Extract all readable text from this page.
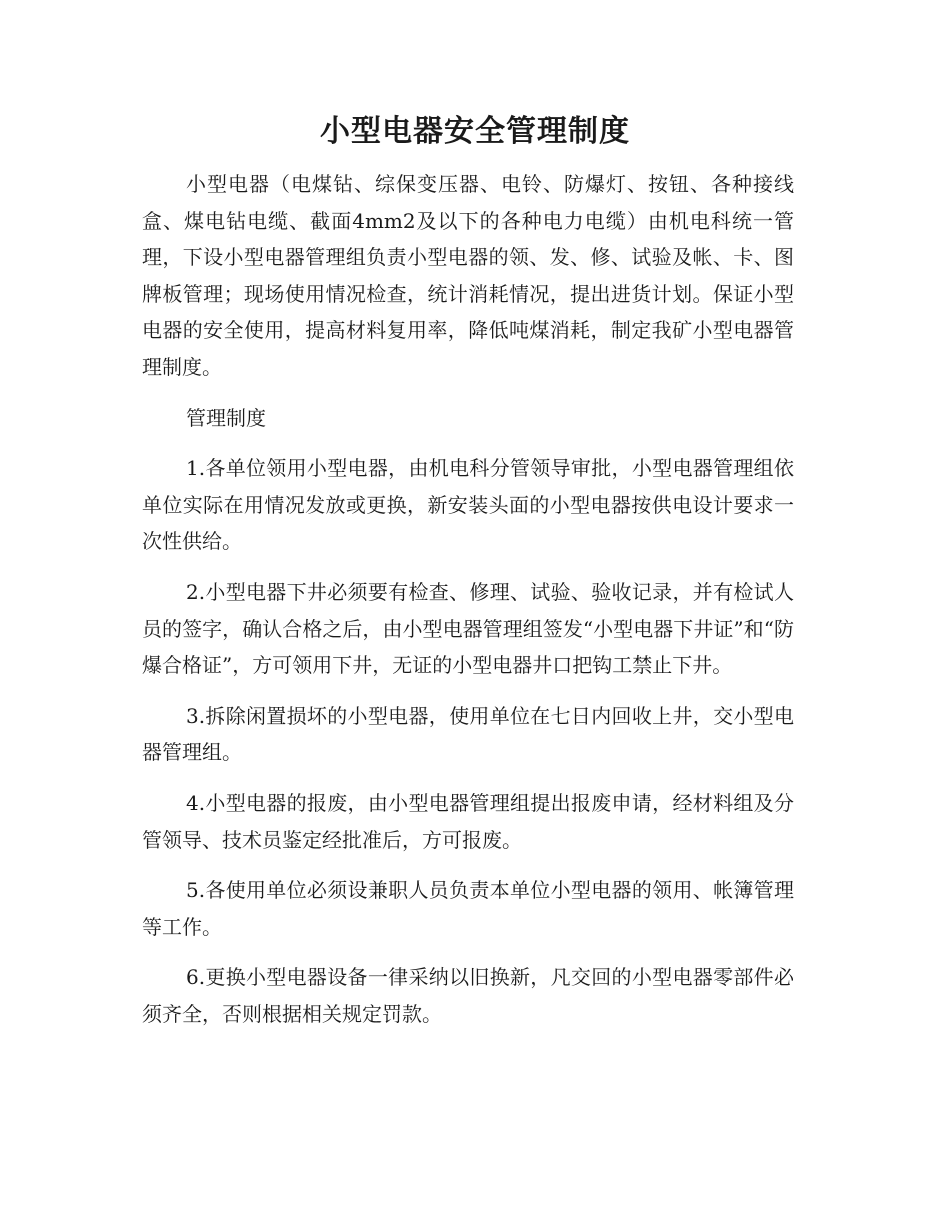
小型电器安全管理制度

小型电器（电煤钻、综保变压器、电铃、防爆灯、按钮、各种接线盒、煤电钻电缆、截面4mm2及以下的各种电力电缆）由机电科统一管理，下设小型电器管理组负责小型电器的领、发、修、试验及帐、卡、图牌板管理；现场使用情况检查，统计消耗情况，提出进货计划。保证小型电器的安全使用，提高材料复用率，降低吨煤消耗，制定我矿小型电器管理制度。

管理制度

1.各单位领用小型电器，由机电科分管领导审批，小型电器管理组依单位实际在用情况发放或更换，新安装头面的小型电器按供电设计要求一次性供给。

2.小型电器下井必须要有检查、修理、试验、验收记录，并有检试人员的签字，确认合格之后，由小型电器管理组签发“小型电器下井证”和“防爆合格证”，方可领用下井，无证的小型电器井口把钩工禁止下井。

3.拆除闲置损坏的小型电器，使用单位在七日内回收上井，交小型电器管理组。

4.小型电器的报废，由小型电器管理组提出报废申请，经材料组及分管领导、技术员鉴定经批准后，方可报废。

5.各使用单位必须设兼职人员负责本单位小型电器的领用、帐簿管理等工作。

6.更换小型电器设备一律采纳以旧换新，凡交回的小型电器零部件必须齐全，否则根据相关规定罚款。
